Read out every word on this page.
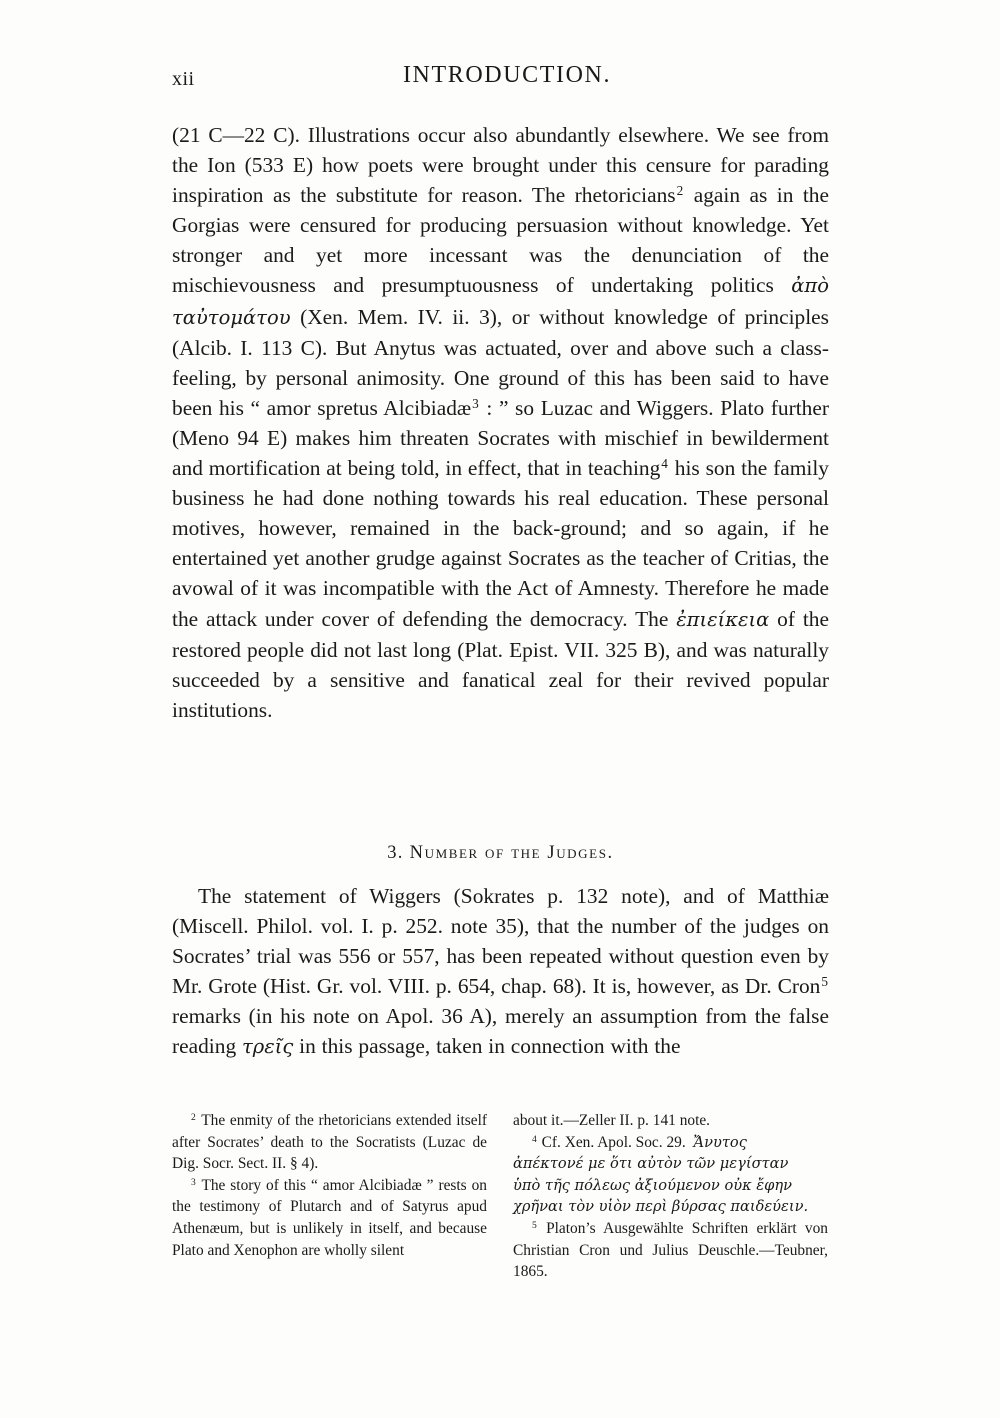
xii	INTRODUCTION.

(21 C—22 C). Illustrations occur also abundantly elsewhere. We see from the Ion (533 E) how poets were brought under this censure for parading inspiration as the substitute for reason. The rhetoricians$^2$ again as in the Gorgias were censured for producing persuasion without knowledge. Yet stronger and yet more incessant was the denunciation of the mischievousness and presumptuousness of undertaking politics ἀπὸ ταὐτομάτου (Xen. Mem. IV. ii. 3), or without knowledge of principles (Alcib. I. 113 C). But Anytus was actuated, over and above such a class-feeling, by personal animosity. One ground of this has been said to have been his “ amor spretus Alcibiadæ$^3$ : ” so Luzac and Wiggers. Plato further (Meno 94 E) makes him threaten Socrates with mischief in bewilderment and mortification at being told, in effect, that in teaching$^4$ his son the family business he had done nothing towards his real education. These personal motives, however, remained in the back-ground; and so again, if he entertained yet another grudge against Socrates as the teacher of Critias, the avowal of it was incompatible with the Act of Amnesty. Therefore he made the attack under cover of defending the democracy. The ἐπιείκεια of the restored people did not last long (Plat. Epist. VII. 325 B), and was naturally succeeded by a sensitive and fanatical zeal for their revived popular institutions.

3. Number of the Judges.

The statement of Wiggers (Sokrates p. 132 note), and of Matthiæ (Miscell. Philol. vol. I. p. 252. note 35), that the number of the judges on Socrates’ trial was 556 or 557, has been repeated without question even by Mr. Grote (Hist. Gr. vol. VIII. p. 654, chap. 68). It is, however, as Dr. Cron$^5$ remarks (in his note on Apol. 36 A), merely an assumption from the false reading τρεῖς in this passage, taken in connection with the

$^2$ The enmity of the rhetoricians extended itself after Socrates’ death to the Socratists (Luzac de Dig. Socr. Sect. II. § 4).

$^3$ The story of this “ amor Alcibiadæ ” rests on the testimony of Plutarch and of Satyrus apud Athenæum, but is unlikely in itself, and because Plato and Xenophon are wholly silent

about it.—Zeller II. p. 141 note.

$^4$ Cf. Xen. Apol. Soc. 29. Ἄνυτος

ἀπέκτoνέ με ὅτι αὐτὸν τῶν μεγίσταν

ὑπὸ τῆς πόλεως ἀξιούμενον οὐκ ἔφην

χρῆναι τὸν υἱὸν περὶ βύρσας παιδεύειν.

$^5$ Platon’s Ausgewählte Schriften erklärt von Christian Cron und Julius Deuschle.—Teubner, 1865.
